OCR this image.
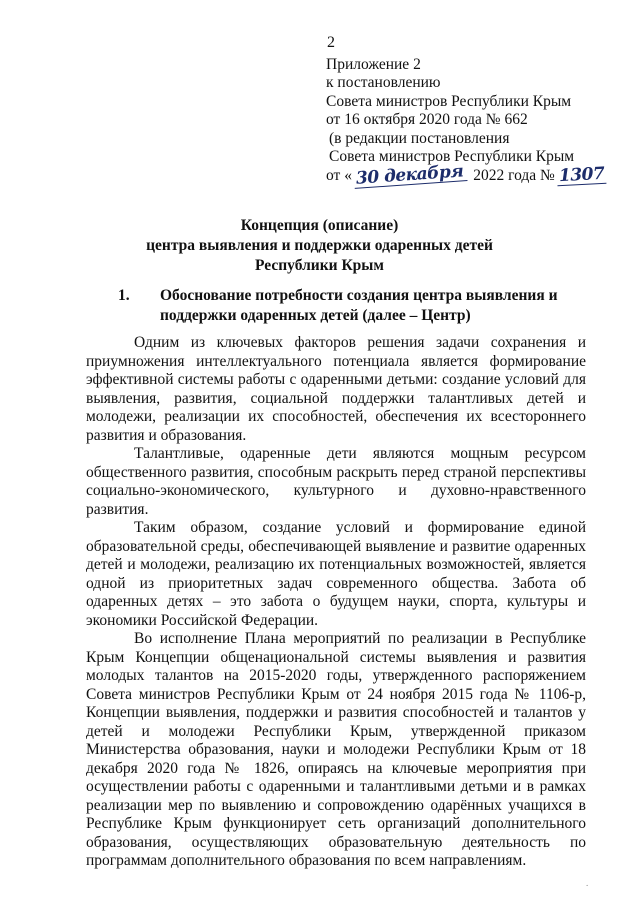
2
Приложение 2
к постановлению
Совета министров Республики Крым
от 16 октября 2020 года № 662
(в редакции постановления
Совета министров Республики Крым
от « 30 декабря 2022 года № 1307
Концепция (описание)
центра выявления и поддержки одаренных детей
Республики Крым
1. Обоснование потребности создания центра выявления и поддержки одаренных детей (далее – Центр)

Одним из ключевых факторов решения задачи сохранения и приумножения интеллектуального потенциала является формирование эффективной системы работы с одаренными детьми: создание условий для выявления, развития, социальной поддержки талантливых детей и молодежи, реализации их способностей, обеспечения их всестороннего развития и образования.

Талантливые, одаренные дети являются мощным ресурсом общественного развития, способным раскрыть перед страной перспективы социально-экономического, культурного и духовно-нравственного развития.

Таким образом, создание условий и формирование единой образовательной среды, обеспечивающей выявление и развитие одаренных детей и молодежи, реализацию их потенциальных возможностей, является одной из приоритетных задач современного общества. Забота об одаренных детях – это забота о будущем науки, спорта, культуры и экономики Российской Федерации.

Во исполнение Плана мероприятий по реализации в Республике Крым Концепции общенациональной системы выявления и развития молодых талантов на 2015-2020 годы, утвержденного распоряжением Совета министров Республики Крым от 24 ноября 2015 года № 1106-р, Концепции выявления, поддержки и развития способностей и талантов у детей и молодежи Республики Крым, утвержденной приказом Министерства образования, науки и молодежи Республики Крым от 18 декабря 2020 года № 1826, опираясь на ключевые мероприятия при осуществлении работы с одаренными и талантливыми детьми и в рамках реализации мер по выявлению и сопровождению одарённых учащихся в Республике Крым функционирует сеть организаций дополнительного образования, осуществляющих образовательную деятельность по программам дополнительного образования по всем направлениям.

.
